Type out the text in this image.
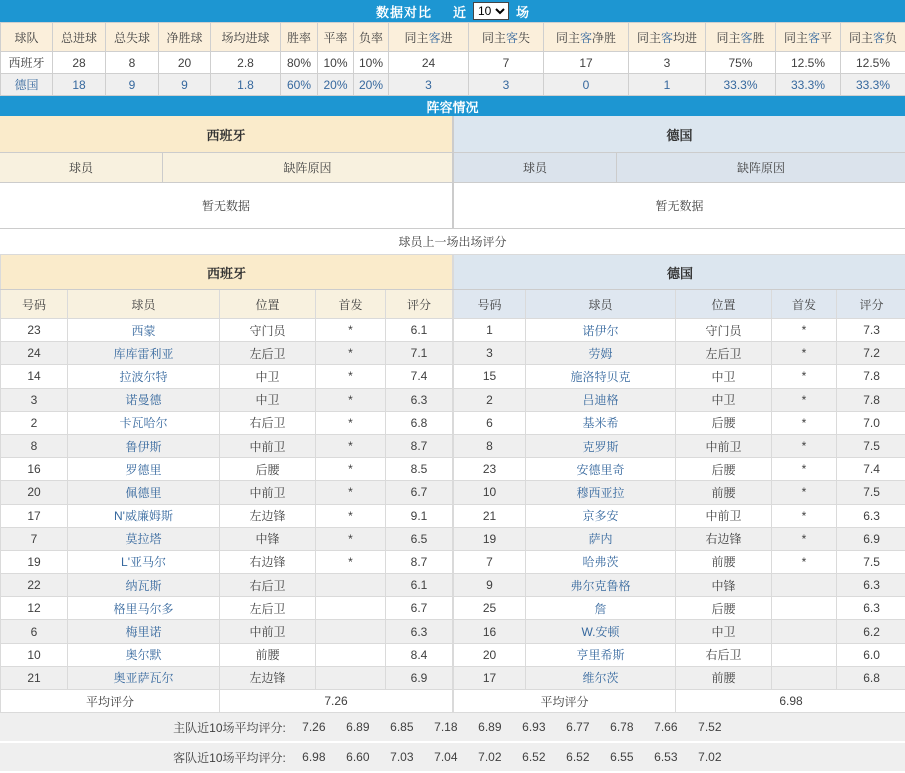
数据对比 近
10	场
球队	总进球	总失球	净胜球	场均进球	胜率	平率	负率	同主客进	同主客失	同主客净胜	同主客均进	同主客胜	同主客平	同主客负
西班牙	28	8	20	2.8	80%	10%	10%	24	7	17	3	75%	12.5%	12.5%
德国	18	9	9	1.8	60%	20%	20%	3	3	0	1	33.3%	33.3%	33.3%
阵容情况
西班牙
球员	缺阵原因
暂无数据
德国
球员	缺阵原因
暂无数据
球员上一场出场评分
西班牙				
号码	球员	位置	首发	评分
23	西蒙	守门员	*	6.1
24	库库雷利亚	左后卫	*	7.1
14	拉波尔特	中卫	*	7.4
3	诺曼德	中卫	*	6.3
2	卡瓦哈尔	右后卫	*	6.8
8	鲁伊斯	中前卫	*	8.7
16	罗德里	后腰	*	8.5
20	佩德里	中前卫	*	6.7
17	N'威廉姆斯	左边锋	*	9.1
7	莫拉塔	中锋	*	6.5
19	L'亚马尔	右边锋	*	8.7
22	纳瓦斯	右后卫		6.1
12	格里马尔多	左后卫		6.7
6	梅里诺	中前卫		6.3
10	奥尔默	前腰		8.4
21	奥亚萨瓦尔	左边锋		6.9
平均评分		7.26		
德国				
号码	球员	位置	首发	评分
1	诺伊尔	守门员	*	7.3
3	劳姆	左后卫	*	7.2
15	施洛特贝克	中卫	*	7.8
2	吕迪格	中卫	*	7.8
6	基米希	后腰	*	7.0
8	克罗斯	中前卫	*	7.5
23	安德里奇	后腰	*	7.4
10	穆西亚拉	前腰	*	7.5
21	京多安	中前卫	*	6.3
19	萨内	右边锋	*	6.9
7	哈弗茨	前腰	*	7.5
9	弗尔克鲁格	中锋		6.3
25	詹	后腰		6.3
16	W.安顿	中卫		6.2
20	亨里希斯	右后卫		6.0
17	维尔茨	前腰		6.8
平均评分		6.98		
主队近10场平均评分:	7.26	6.89	6.85	7.18	6.89	6.93	6.77	6.78	7.66	7.52
客队近10场平均评分:	6.98	6.60	7.03	7.04	7.02	6.52	6.52	6.55	6.53	7.02
